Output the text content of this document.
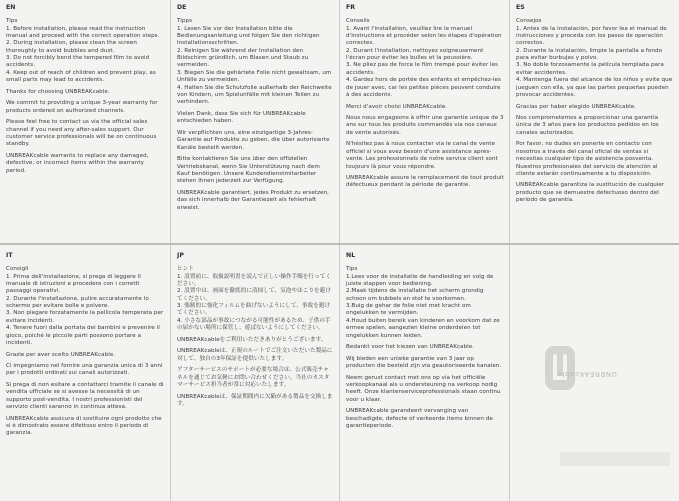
EN

Tips

1. Before installation, please read the instruction manual and proceed with the correct operation steps.
2. During installation, please clean the screen thoroughly to avoid bubbles and dust.
3. Do not forcibly bend the tempered film to avoid accidents.
4. Keep out of reach of children and prevent play, as small parts may lead to accidents.

Thanks for choosing UNBREAKcable.

We commit to providing a unique 3-year warranty for products ordered on authorized channels.

Please feel free to contact us via the official sales channel if you need any after-sales support. Our customer service professionals will be on continuous standby.

UNBREAKcable warrants to replace any damaged, defective, or incorrect items within the warranty period.

DE

Tipps

1. Lesen Sie vor der Installation bitte die Bedienungsanleitung und folgen Sie den richtigen Installationsschritten.
2. Reinigen Sie während der Installation den Bildschirm gründlich, um Blasen und Staub zu vermeiden.
3. Biegen Sie die gehärtete Folie nicht gewaltsam, um Unfälle zu vermeiden.
4. Halten Sie die Schutzfolie außerhalb der Reichweite von Kindern, um Spielunfälle mit kleinen Teilen zu verhindern.

Vielen Dank, dass Sie sich für UNBREAKcable entschieden haben.

Wir verpflichten uns, eine einzigartige 3-Jahres-Garantie auf Produkte zu geben, die über autorisierte Kanäle bestellt werden.

Bitte kontaktieren Sie uns über den offiziellen Vertriebskanal, wenn Sie Unterstützung nach dem Kauf benötigen. Unsere Kundendienstmitarbeiter stehen Ihnen jederzeit zur Verfügung.

UNBREAKcable garantiert, jedes Produkt zu ersetzen, das sich innerhalb der Garantiezeit als fehlerhaft erweist.

FR

Conseils

1. Avant l'installation, veuillez lire le manuel d'instructions et procéder selon les étapes d'opération correctes.
2. Durant l'installation, nettoyez soigneusement l'écran pour éviter les bulles et la poussière.
3. Ne pliez pas de force le film trempé pour éviter les accidents.
4. Gardez hors de portée des enfants et empêchez-les de jouer avec, car les petites pièces peuvent conduire à des accidents.

Merci d'avoir choisi UNBREAKcable.

Nous nous engageons à offrir une garantie unique de 3 ans sur tous les produits commandés via nos canaux de vente autorisés.

N'hésitez pas à nous contacter via le canal de vente officiel si vous avez besoin d'une assistance après-vente. Les professionnels de notre service client sont toujours là pour vous répondre.

UNBREAKcable assure le remplacement de tout produit défectueux pendant la période de garantie.

ES

Consejos

1. Antes de la instalación, por favor lea el manual de instrucciones y proceda con los pasos de operación correctos.
2. Durante la instalación, limpie la pantalla a fondo para evitar burbujas y polvo.
3. No doble forzosamente la película templada para evitar accidentes.
4. Mantenga fuera del alcance de los niños y evite que jueguen con ella, ya que las partes pequeñas pueden provocar accidentes.

Gracias por haber elegido UNBREAKcable.

Nos comprometemos a proporcionar una garantía única de 3 años para los productos pedidos en los canales autorizados.

Por favor, no dudes en ponerte en contacto con nosotros a través del canal oficial de ventas si necesitas cualquier tipo de asistencia posventa. Nuestros profesionales del servicio de atención al cliente estarán continuamente a tu disposición.

UNBREAKcable garantiza la sustitución de cualquier producto que se demuestre defectuoso dentro del periodo de garantía.

IT

Consigli

1. Prima dell'installazione, si prega di leggere il manuale di istruzioni e procedere con i corretti passaggi operativi.
2. Durante l'installazione, pulire accuratamente lo schermo per evitare bolle e polvere.
3. Non piegare forzatamente la pellicola temperata per evitare incidenti.
4. Tenere fuori dalla portata dei bambini e prevenire il gioco, poiché le piccole parti possono portare a incidenti.

Grazie per aver scelto UNBREAKcable.

Ci impegniamo nel fornire una garanzia unica di 3 anni per i prodotti ordinati sui canali autorizzati.

Si prega di non esitare a contattarci tramite il canale di vendita ufficiale se si avesse la necessità di un supporto post-vendita. I nostri professionisti del servizio clienti saranno in continua attesa.

UNBREAKcable assicura di sostituire ogni prodotto che si è dimostrato essere difettoso entro il periodo di garanzia.

JP

ヒント

1. 設置前に、取扱説明書を読んで正しい操作手順を行ってください。
2. 設置中は、画面を徹底的に清掃して、気泡やほこりを避けてください。
3. 強制的に強化フィルムを曲げないようにして、事故を避けてください。
4. 小さな部品が事故につながる可能性があるため、子供の手の届かない場所に保管し、遊ばないようにしてください。

UNBREAKcableをご利用いただきありがとうございます。

UNBREAKcableは、正規のルートでご注文いただいた製品に対して、独自の3年保証を提供いたします。

アフターサービスのサポートが必要な場合は、公式販売チャネルを通じてお気軽にお問い合わせください。当社のカスタマーサービス担当者が常に対応いたします。

UNBREAKcableは、保証期間内に欠陥がある製品を交換します。

NL

Tips

1.Lees voor de installatie de handleiding en volg de juiste stappen voor bediening.
2.Maak tijdens de installatie het scherm grondig schoon om bubbels en stof te voorkomen.
3.Buig de gehar de folie niet met kracht om ongelukken te vermijden.
4.Houd buiten bereik van kinderen en voorkom dat ze ermee spelen, aangezien kleine onderdelen tot ongelukken kunnen leiden.

Bedankt voor het kiezen van UNBREAKcable.

Wij bieden een unieke garantie van 3 jaar op producten die besteld zijn via geautoriseerde kanalen.

Neem gerust contact met ons op via het officiële verkoopkanaal als u ondersteuning na verkoop nodig heeft. Onze klantenserviceprofessionals staan continu voor u klaar.

UNBREAKcable garandeert vervanging van beschadigde, defecte of verkeerde items binnen de garantieperiode.

UNBREAKcable
